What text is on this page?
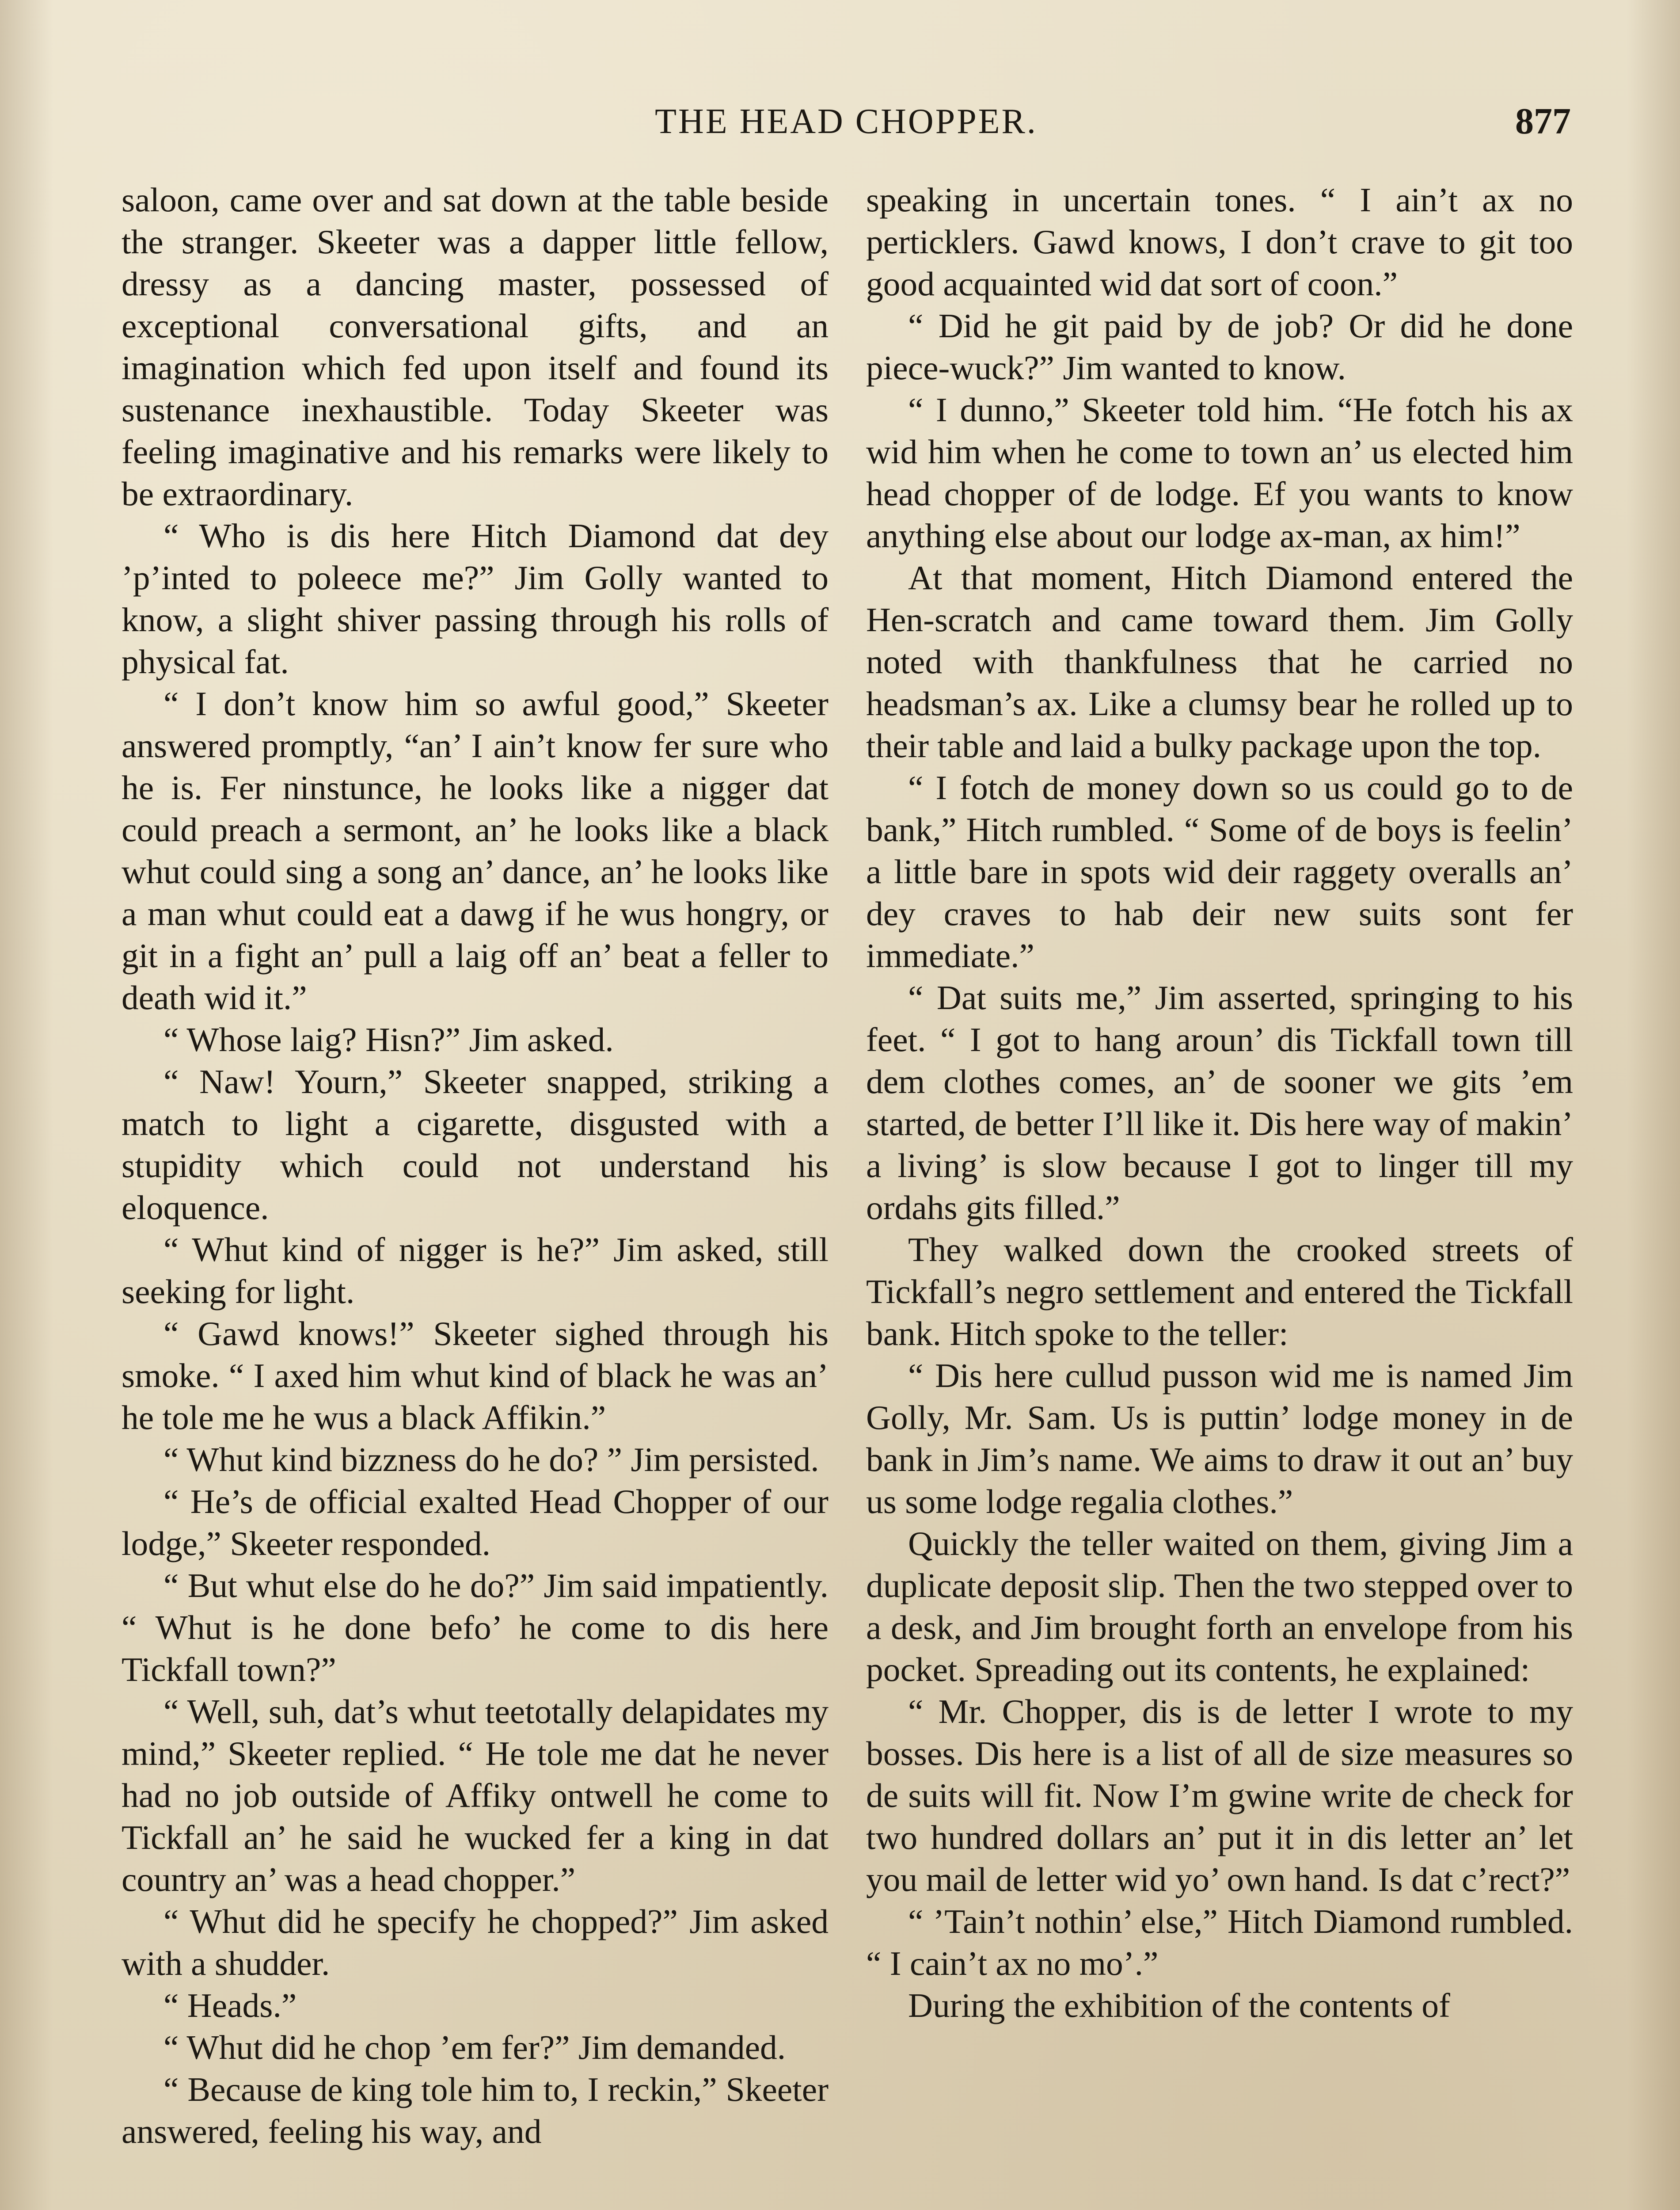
THE HEAD CHOPPER.	877

saloon, came over and sat down at the table beside the stranger. Skeeter was a dapper little fellow, dressy as a dancing master, possessed of exceptional conversational gifts, and an imagination which fed upon itself and found its sustenance inexhaustible. Today Skeeter was feeling imaginative and his remarks were likely to be extraordinary.

“ Who is dis here Hitch Diamond dat dey ’p’inted to poleece me?” Jim Golly wanted to know, a slight shiver passing through his rolls of physical fat.

“ I don’t know him so awful good,” Skeeter answered promptly, “an’ I ain’t know fer sure who he is. Fer ninstunce, he looks like a nigger dat could preach a sermont, an’ he looks like a black whut could sing a song an’ dance, an’ he looks like a man whut could eat a dawg if he wus hongry, or git in a fight an’ pull a laig off an’ beat a feller to death wid it.”

“ Whose laig? Hisn?” Jim asked.

“ Naw! Yourn,” Skeeter snapped, striking a match to light a cigarette, disgusted with a stupidity which could not understand his eloquence.

“ Whut kind of nigger is he?” Jim asked, still seeking for light.

“ Gawd knows!” Skeeter sighed through his smoke. “ I axed him whut kind of black he was an’ he tole me he wus a black Affikin.”

“ Whut kind bizzness do he do? ” Jim persisted.

“ He’s de official exalted Head Chopper of our lodge,” Skeeter responded.

“ But whut else do he do?” Jim said impatiently. “ Whut is he done befo’ he come to dis here Tickfall town?”

“ Well, suh, dat’s whut teetotally delapidates my mind,” Skeeter replied. “ He tole me dat he never had no job outside of Affiky ontwell he come to Tickfall an’ he said he wucked fer a king in dat country an’ was a head chopper.”

“ Whut did he specify he chopped?” Jim asked with a shudder.

“ Heads.”

“ Whut did he chop ’em fer?” Jim demanded.

“ Because de king tole him to, I reckin,” Skeeter answered, feeling his way, and

speaking in uncertain tones. “ I ain’t ax no perticklers. Gawd knows, I don’t crave to git too good acquainted wid dat sort of coon.”

“ Did he git paid by de job? Or did he done piece-wuck?” Jim wanted to know.

“ I dunno,” Skeeter told him. “He fotch his ax wid him when he come to town an’ us elected him head chopper of de lodge. Ef you wants to know anything else about our lodge ax-man, ax him!”

At that moment, Hitch Diamond entered the Hen-scratch and came toward them. Jim Golly noted with thankfulness that he carried no headsman’s ax. Like a clumsy bear he rolled up to their table and laid a bulky package upon the top.

“ I fotch de money down so us could go to de bank,” Hitch rumbled. “ Some of de boys is feelin’ a little bare in spots wid deir raggety overalls an’ dey craves to hab deir new suits sont fer immediate.”

“ Dat suits me,” Jim asserted, springing to his feet. “ I got to hang aroun’ dis Tickfall town till dem clothes comes, an’ de sooner we gits ’em started, de better I’ll like it. Dis here way of makin’ a living’ is slow because I got to linger till my ordahs gits filled.”

They walked down the crooked streets of Tickfall’s negro settlement and entered the Tickfall bank. Hitch spoke to the teller:

“ Dis here cullud pusson wid me is named Jim Golly, Mr. Sam. Us is puttin’ lodge money in de bank in Jim’s name. We aims to draw it out an’ buy us some lodge regalia clothes.”

Quickly the teller waited on them, giving Jim a duplicate deposit slip. Then the two stepped over to a desk, and Jim brought forth an envelope from his pocket. Spreading out its contents, he explained:

“ Mr. Chopper, dis is de letter I wrote to my bosses. Dis here is a list of all de size measures so de suits will fit. Now I’m gwine write de check for two hundred dollars an’ put it in dis letter an’ let you mail de letter wid yo’ own hand. Is dat c’rect?”

“ ’Tain’t nothin’ else,” Hitch Diamond rumbled. “ I cain’t ax no mo’.”

During the exhibition of the contents of
